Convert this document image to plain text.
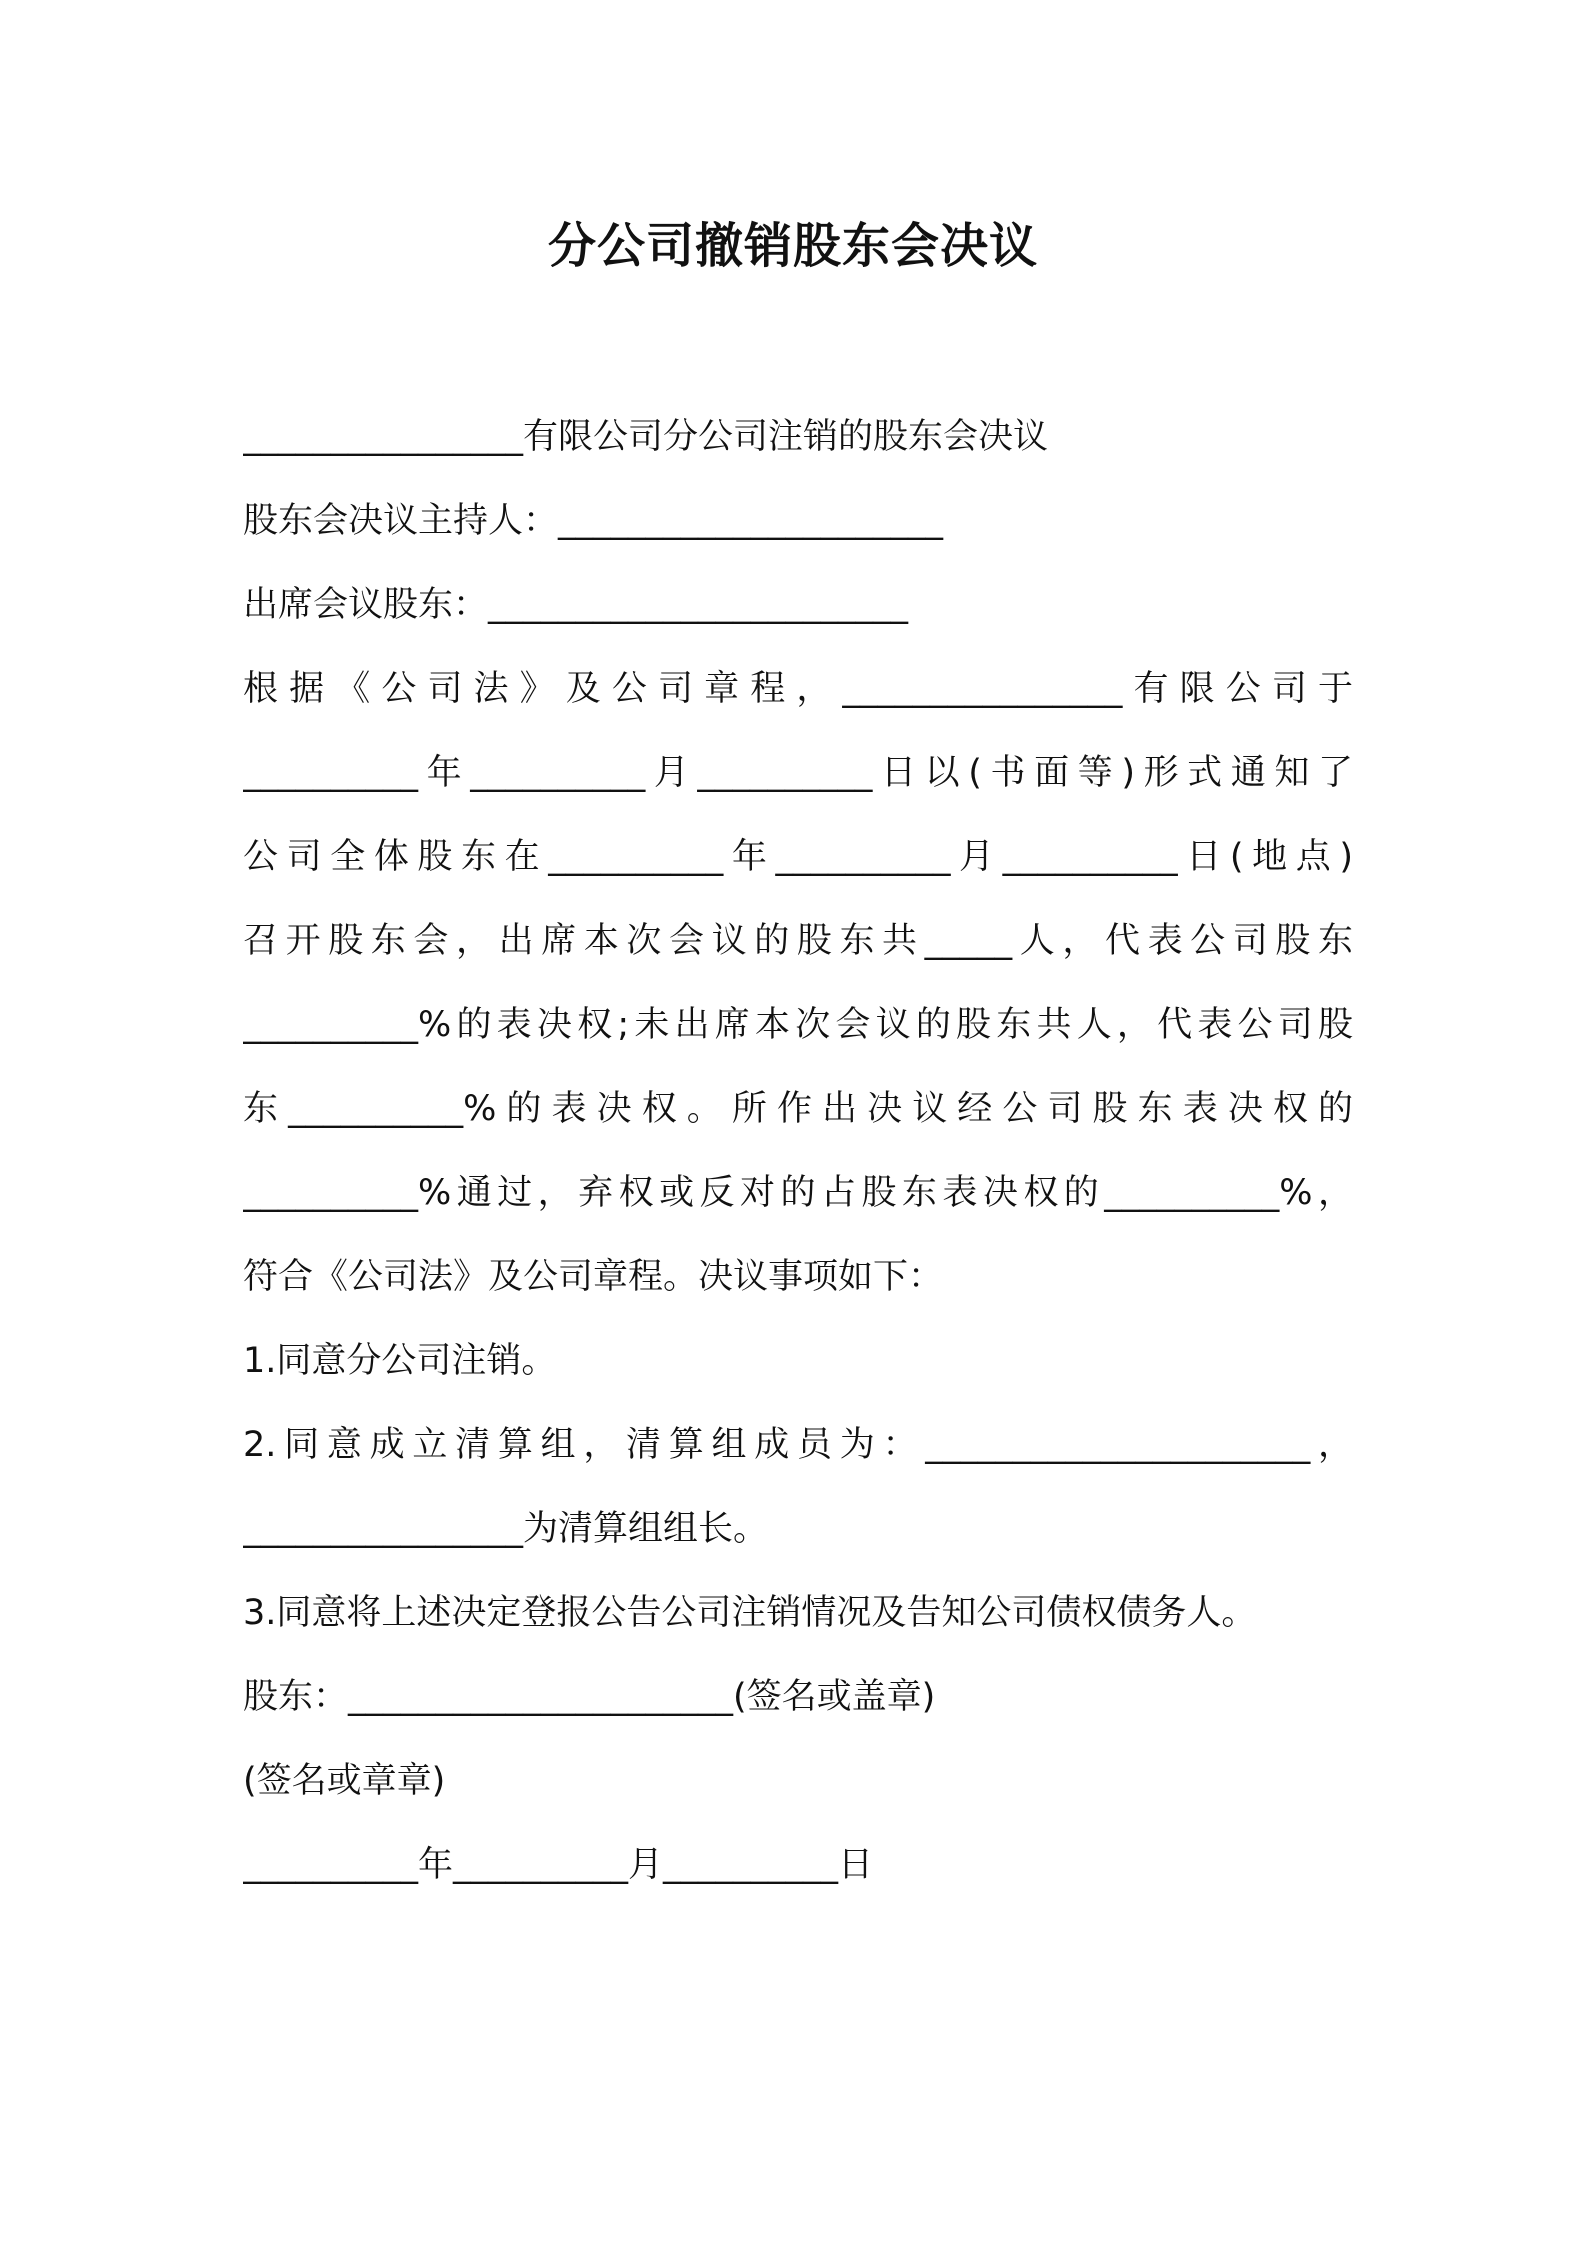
分公司撤销股东会决议
________________有限公司分公司注销的股东会决议
股东会决议主持人：______________________
出席会议股东：________________________
根据《公司法》及公司章程，________________有限公司于
__________年__________月__________日以(书面等)形式通知了
公司全体股东在__________年__________月__________日(地点)
召开股东会，出席本次会议的股东共_____人，代表公司股东
__________%的表决权;未出席本次会议的股东共人，代表公司股
东__________%的表决权。所作出决议经公司股东表决权的
__________%通过，弃权或反对的占股东表决权的__________%，
符合《公司法》及公司章程。决议事项如下：
1.同意分公司注销。
2.同意成立清算组，清算组成员为：______________________，
________________为清算组组长。
3.同意将上述决定登报公告公司注销情况及告知公司债权债务人。
股东：______________________(签名或盖章)
(签名或章章)
__________年__________月__________日
